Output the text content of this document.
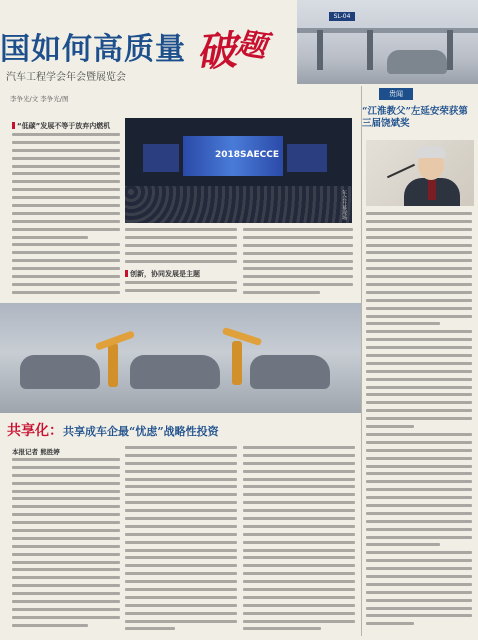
国如何高质量 破题
汽车工程学会年会暨展览会
李争光/文 李争光/图
SL-04
“低碳”发展不等于放弃内燃机
2018SAECCE
年会开幕现场
创新，协同发展是主题
贵闻
“江淮教父”左延安荣获第三届饶斌奖
共享化：共享成车企最“忧虑”战略性投资
本报记者 熊胜婷
